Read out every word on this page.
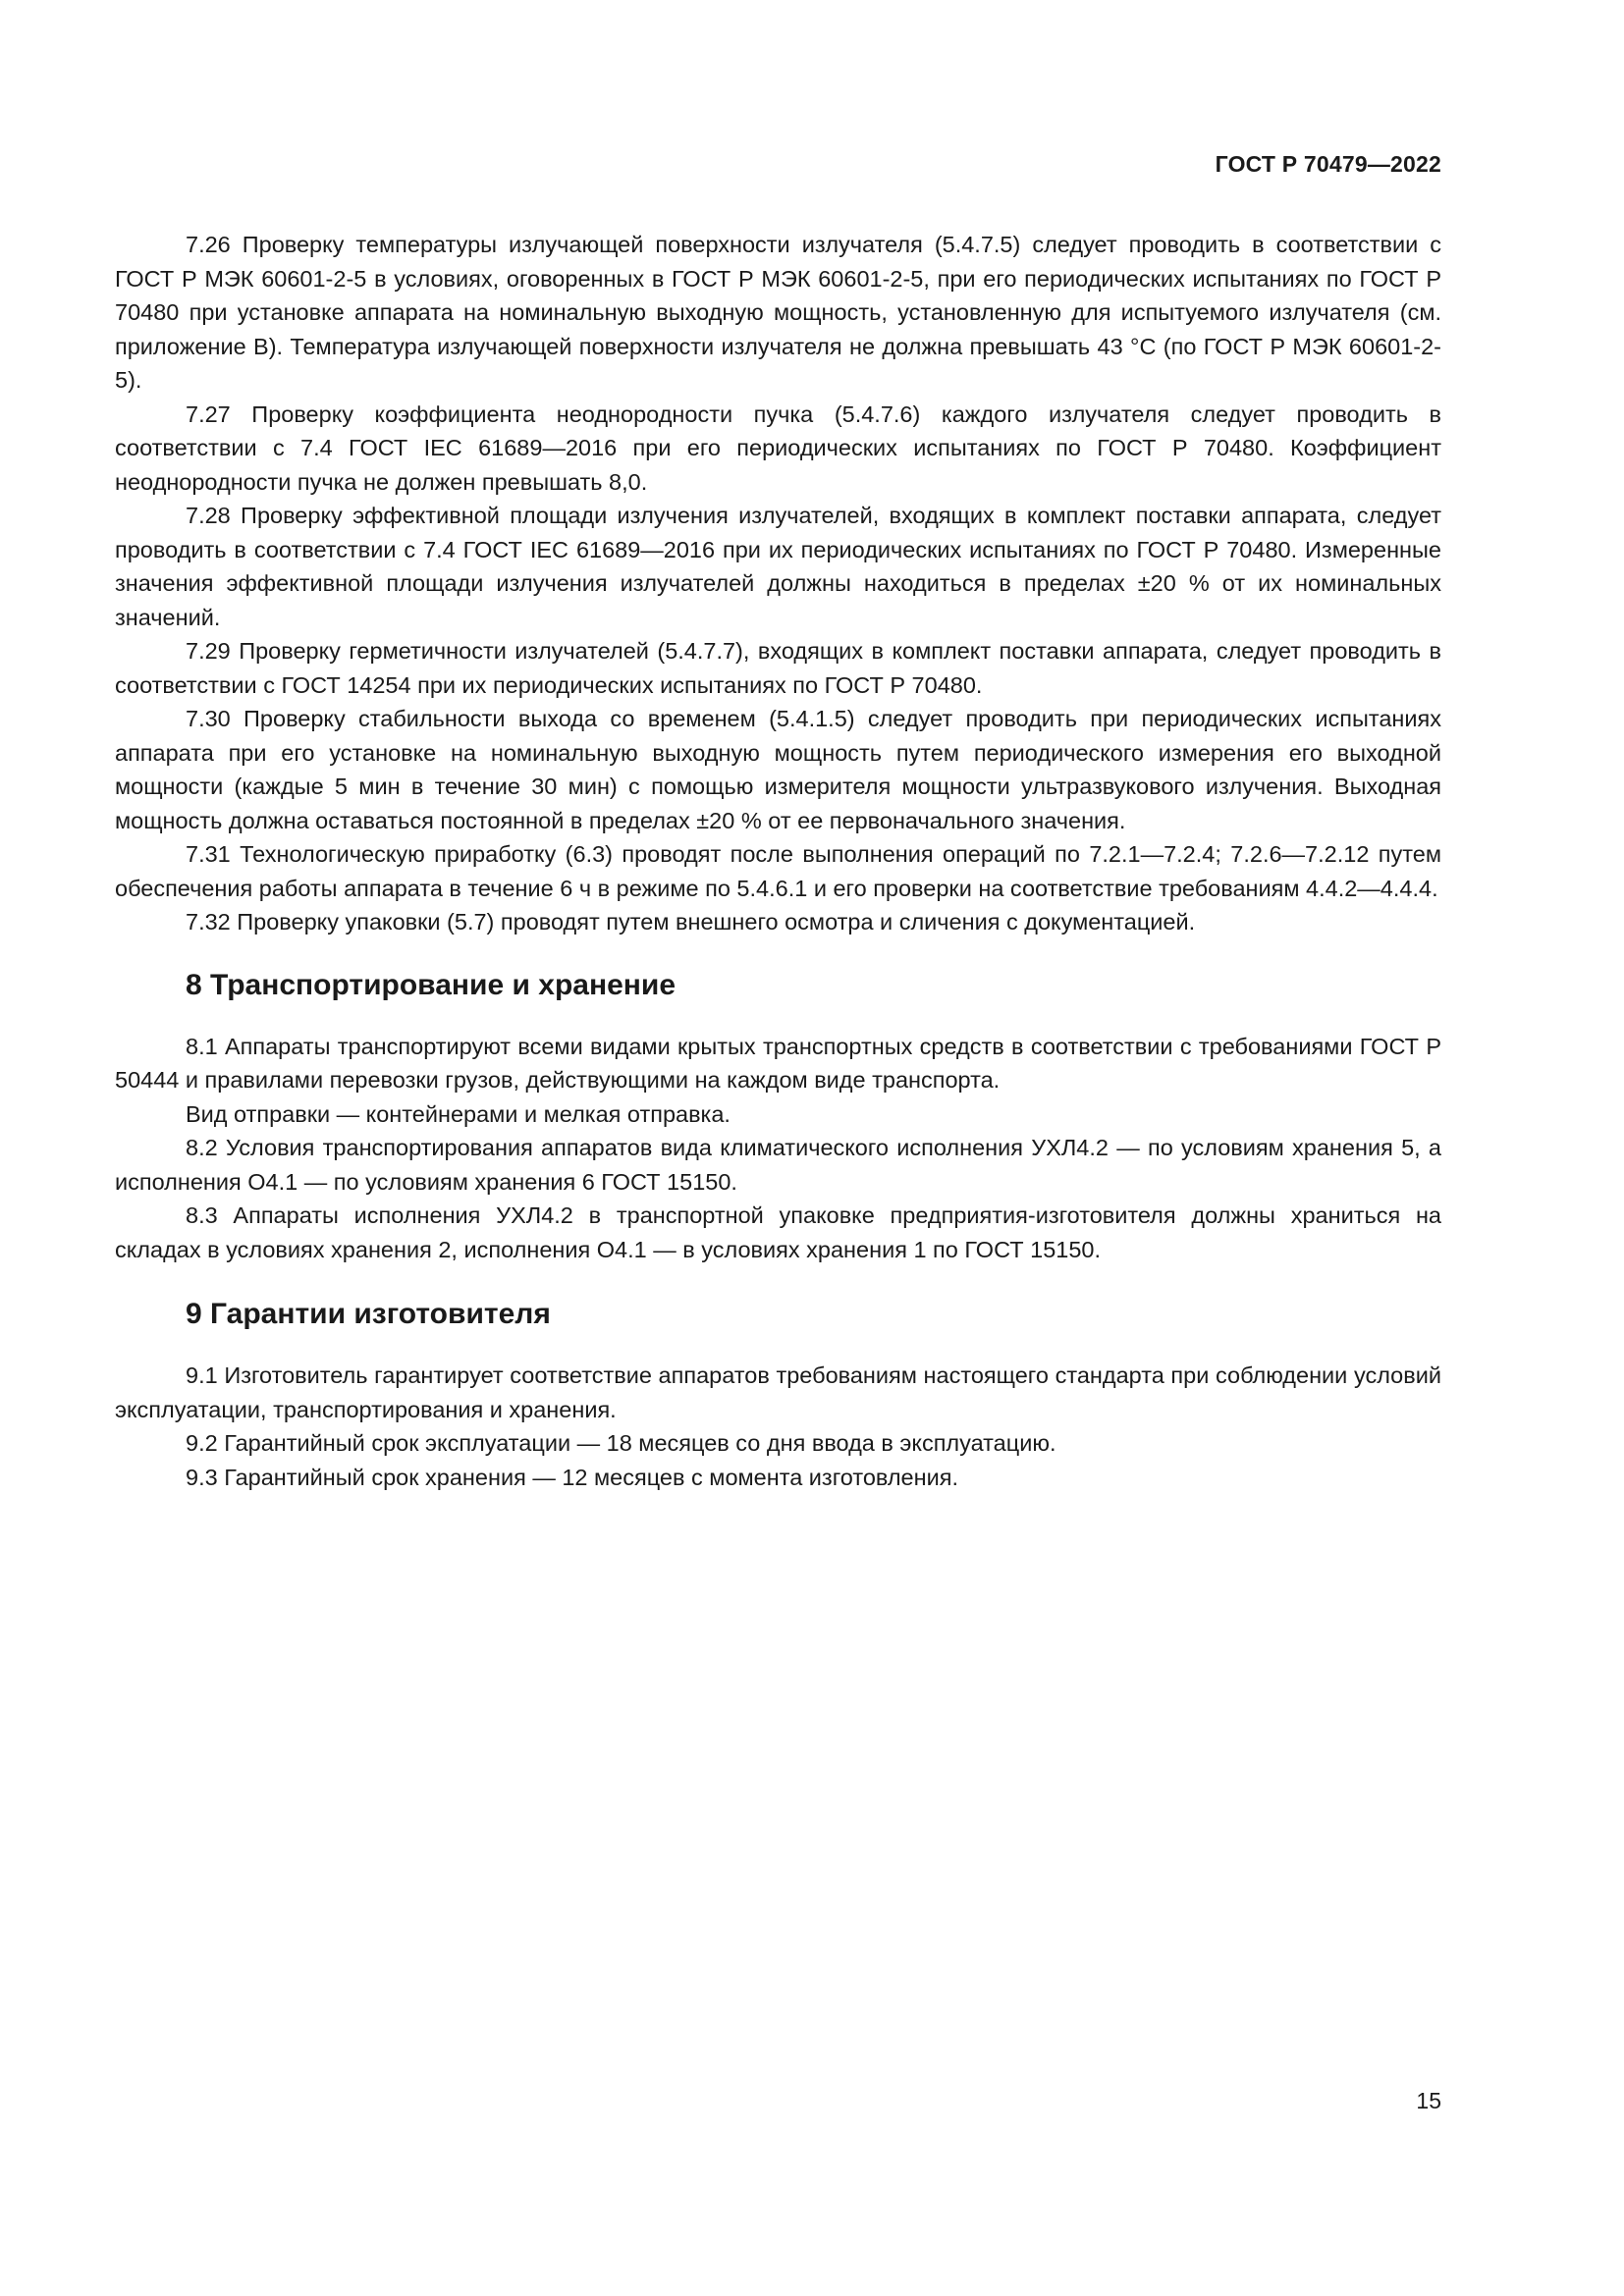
ГОСТ Р 70479—2022

7.26 Проверку температуры излучающей поверхности излучателя (5.4.7.5) следует проводить в соответствии с ГОСТ Р МЭК 60601-2-5 в условиях, оговоренных в ГОСТ Р МЭК 60601-2-5, при его периодических испытаниях по ГОСТ Р 70480 при установке аппарата на номинальную выходную мощность, установленную для испытуемого излучателя (см. приложение В). Температура излучающей поверхности излучателя не должна превышать 43 °С (по ГОСТ Р МЭК 60601-2-5).

7.27 Проверку коэффициента неоднородности пучка (5.4.7.6) каждого излучателя следует проводить в соответствии с 7.4 ГОСТ IEC 61689—2016 при его периодических испытаниях по ГОСТ Р 70480. Коэффициент неоднородности пучка не должен превышать 8,0.

7.28 Проверку эффективной площади излучения излучателей, входящих в комплект поставки аппарата, следует проводить в соответствии с 7.4 ГОСТ IEC 61689—2016 при их периодических испытаниях по ГОСТ Р 70480. Измеренные значения эффективной площади излучения излучателей должны находиться в пределах ±20 % от их номинальных значений.

7.29 Проверку герметичности излучателей (5.4.7.7), входящих в комплект поставки аппарата, следует проводить в соответствии с ГОСТ 14254 при их периодических испытаниях по ГОСТ Р 70480.

7.30 Проверку стабильности выхода со временем (5.4.1.5) следует проводить при периодических испытаниях аппарата при его установке на номинальную выходную мощность путем периодического измерения его выходной мощности (каждые 5 мин в течение 30 мин) с помощью измерителя мощности ультразвукового излучения. Выходная мощность должна оставаться постоянной в пределах ±20 % от ее первоначального значения.

7.31 Технологическую приработку (6.3) проводят после выполнения операций по 7.2.1—7.2.4; 7.2.6—7.2.12 путем обеспечения работы аппарата в течение 6 ч в режиме по 5.4.6.1 и его проверки на соответствие требованиям 4.4.2—4.4.4.

7.32 Проверку упаковки (5.7) проводят путем внешнего осмотра и сличения с документацией.

8 Транспортирование и хранение

8.1 Аппараты транспортируют всеми видами крытых транспортных средств в соответствии с требованиями ГОСТ Р 50444 и правилами перевозки грузов, действующими на каждом виде транспорта.

Вид отправки — контейнерами и мелкая отправка.

8.2 Условия транспортирования аппаратов вида климатического исполнения УХЛ4.2 — по условиям хранения 5, а исполнения О4.1 — по условиям хранения 6 ГОСТ 15150.

8.3 Аппараты исполнения УХЛ4.2 в транспортной упаковке предприятия-изготовителя должны храниться на складах в условиях хранения 2, исполнения О4.1 — в условиях хранения 1 по ГОСТ 15150.

9 Гарантии изготовителя

9.1 Изготовитель гарантирует соответствие аппаратов требованиям настоящего стандарта при соблюдении условий эксплуатации, транспортирования и хранения.

9.2 Гарантийный срок эксплуатации — 18 месяцев со дня ввода в эксплуатацию.

9.3 Гарантийный срок хранения — 12 месяцев с момента изготовления.

15
